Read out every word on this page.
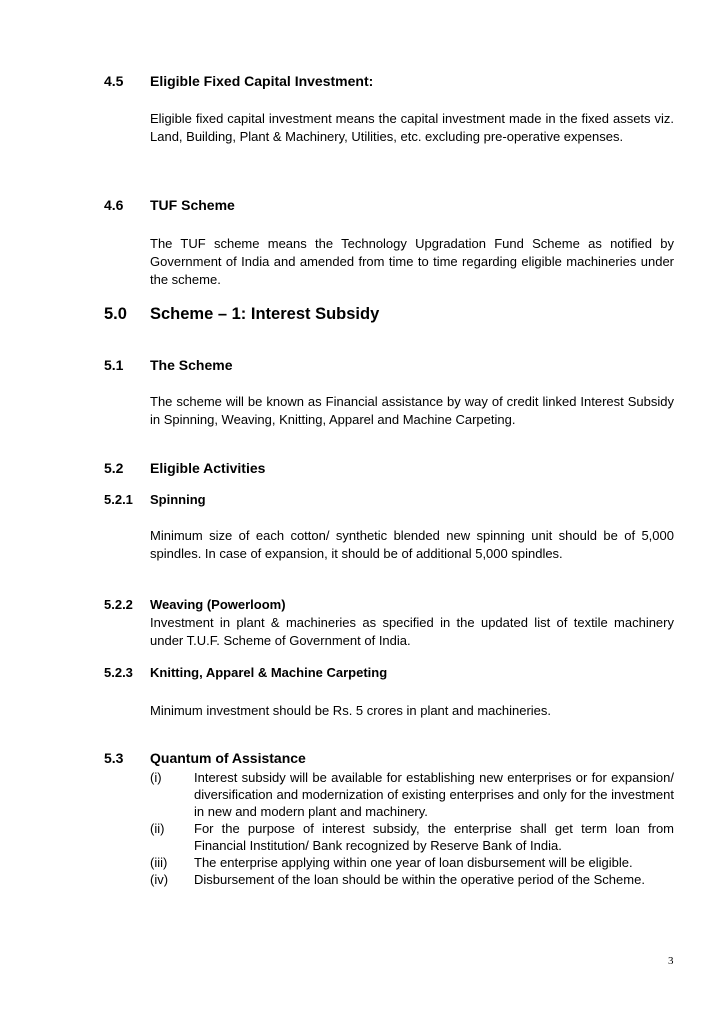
4.5 Eligible Fixed Capital Investment:
Eligible fixed capital investment means the capital investment made in the fixed assets viz. Land, Building, Plant & Machinery, Utilities, etc. excluding pre-operative expenses.
4.6 TUF Scheme
The TUF scheme means the Technology Upgradation Fund Scheme as notified by Government of India and amended from time to time regarding eligible machineries under the scheme.
5.0 Scheme – 1: Interest Subsidy
5.1 The Scheme
The scheme will be known as Financial assistance by way of credit linked Interest Subsidy in Spinning, Weaving, Knitting, Apparel and Machine Carpeting.
5.2 Eligible Activities
5.2.1 Spinning
Minimum size of each cotton/ synthetic blended new spinning unit should be of 5,000 spindles. In case of expansion, it should be of additional 5,000 spindles.
5.2.2 Weaving (Powerloom)
Investment in plant & machineries as specified in the updated list of textile machinery under T.U.F. Scheme of Government of India.
5.2.3 Knitting, Apparel & Machine Carpeting
Minimum investment should be Rs. 5 crores in plant and machineries.
5.3 Quantum of Assistance
(i) Interest subsidy will be available for establishing new enterprises or for expansion/ diversification and modernization of existing enterprises and only for the investment in new and modern plant and machinery.
(ii) For the purpose of interest subsidy, the enterprise shall get term loan from Financial Institution/ Bank recognized by Reserve Bank of India.
(iii) The enterprise applying within one year of loan disbursement will be eligible.
(iv) Disbursement of the loan should be within the operative period of the Scheme.
3
